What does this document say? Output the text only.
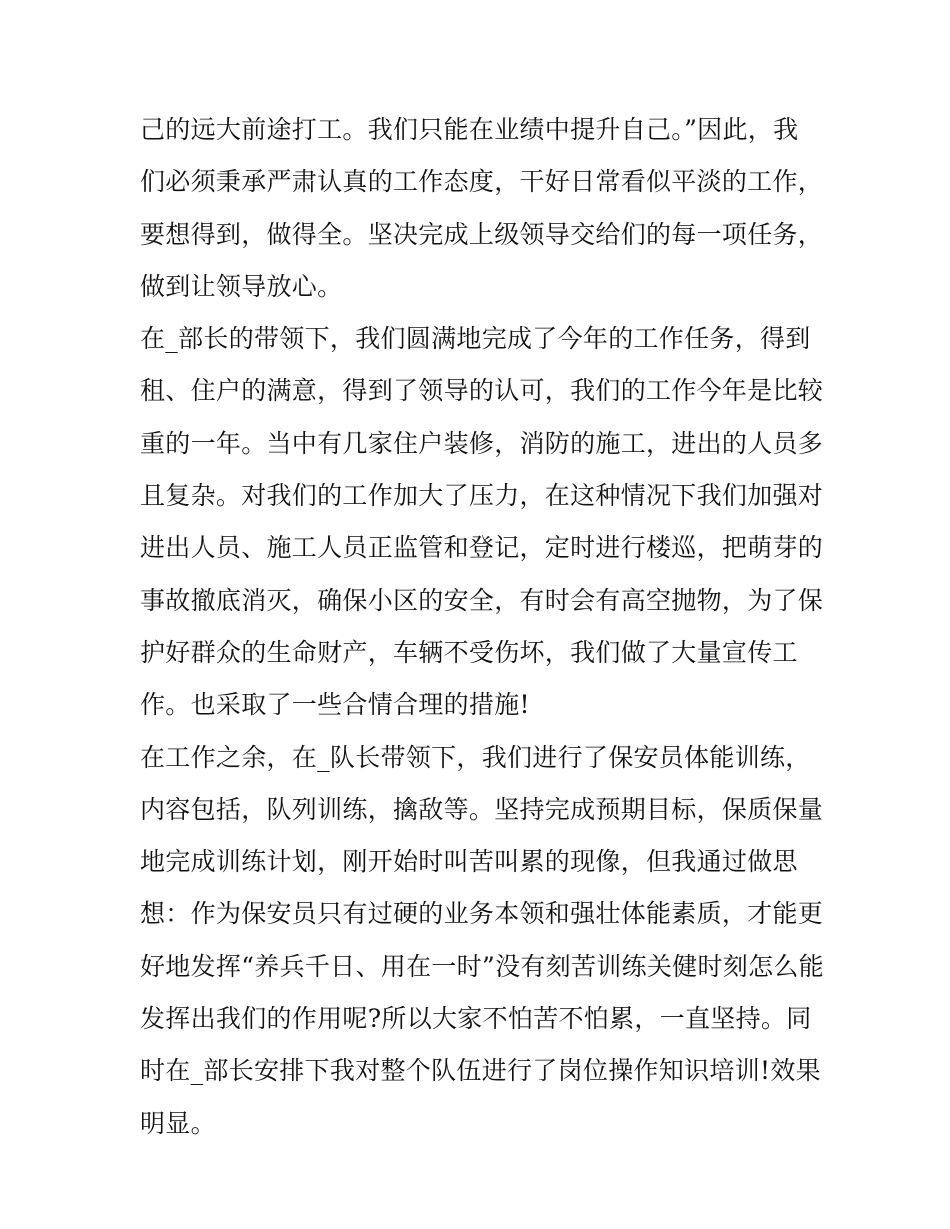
己的远大前途打工。我们只能在业绩中提升自己。”因此，我
们必须秉承严肃认真的工作态度，干好日常看似平淡的工作，
要想得到，做得全。坚决完成上级领导交给们的每一项任务，
做到让领导放心。
在_部长的带领下，我们圆满地完成了今年的工作任务，得到
租、住户的满意，得到了领导的认可，我们的工作今年是比较
重的一年。当中有几家住户装修，消防的施工，进出的人员多
且复杂。对我们的工作加大了压力，在这种情况下我们加强对
进出人员、施工人员正监管和登记，定时进行楼巡，把萌芽的
事故撤底消灭，确保小区的安全，有时会有高空抛物，为了保
护好群众的生命财产，车辆不受伤坏，我们做了大量宣传工
作。也采取了一些合情合理的措施!
在工作之余，在_队长带领下，我们进行了保安员体能训练，
内容包括，队列训练，擒敌等。坚持完成预期目标，保质保量
地完成训练计划，刚开始时叫苦叫累的现像，但我通过做思
想：作为保安员只有过硬的业务本领和强壮体能素质，才能更
好地发挥“养兵千日、用在一时”没有刻苦训练关健时刻怎么能
发挥出我们的作用呢?所以大家不怕苦不怕累，一直坚持。同
时在_部长安排下我对整个队伍进行了岗位操作知识培训!效果
明显。
